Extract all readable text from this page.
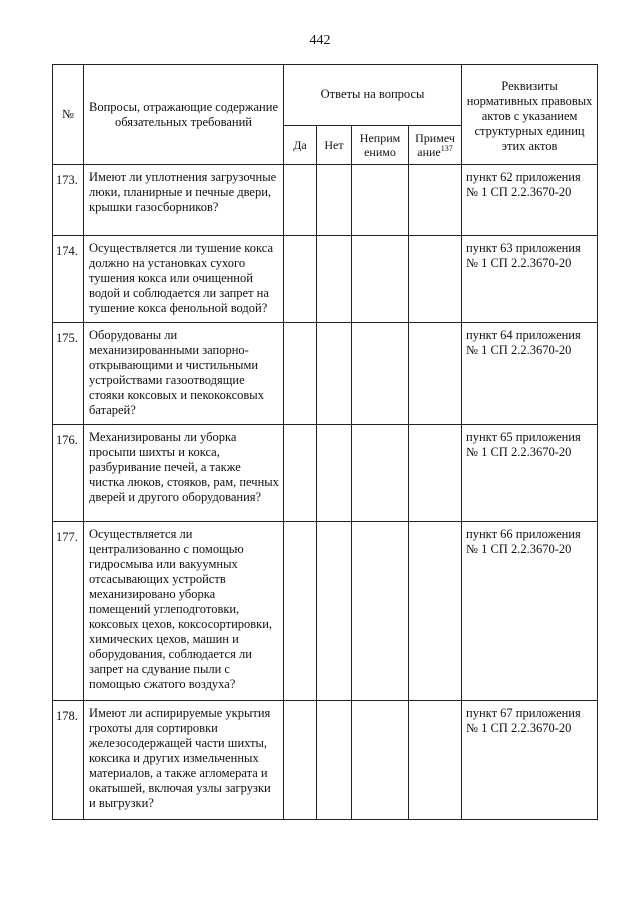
442
№	Вопросы, отражающие содержание обязательных требований	Ответы на вопросы				Реквизиты нормативных правовых актов с указанием структурных единиц этих актов
		Да	Нет	Неприм енимо	Примеч ание$^{137}$
173.	Имеют ли уплотнения загрузочные люки, планирные и печные двери, крышки газосборников?					пункт 62 приложения № 1 СП 2.2.3670-20
174.	Осуществляется ли тушение кокса должно на установках сухого тушения кокса или очищенной водой и соблюдается ли запрет на тушение кокса фенольной водой?					пункт 63 приложения № 1 СП 2.2.3670-20
175.	Оборудованы ли механизированными запорно-открывающими и чистильными устройствами газоотводящие стояки коксовых и пекококсовых батарей?					пункт 64 приложения № 1 СП 2.2.3670-20
176.	Механизированы ли уборка просыпи шихты и кокса, разбуривание печей, а также чистка люков, стояков, рам, печных дверей и другого оборудования?					пункт 65 приложения № 1 СП 2.2.3670-20
177.	Осуществляется ли централизованно с помощью гидросмыва или вакуумных отсасывающих устройств механизировано уборка помещений углеподготовки, коксовых цехов, коксосортировки, химических цехов, машин и оборудования, соблюдается ли запрет на сдувание пыли с помощью сжатого воздуха?					пункт 66 приложения № 1 СП 2.2.3670-20
178.	Имеют ли аспирируемые укрытия грохоты для сортировки железосодержащей части шихты, коксика и других измельченных материалов, а также агломерата и окатышей, включая узлы загрузки и выгрузки?					пункт 67 приложения № 1 СП 2.2.3670-20
